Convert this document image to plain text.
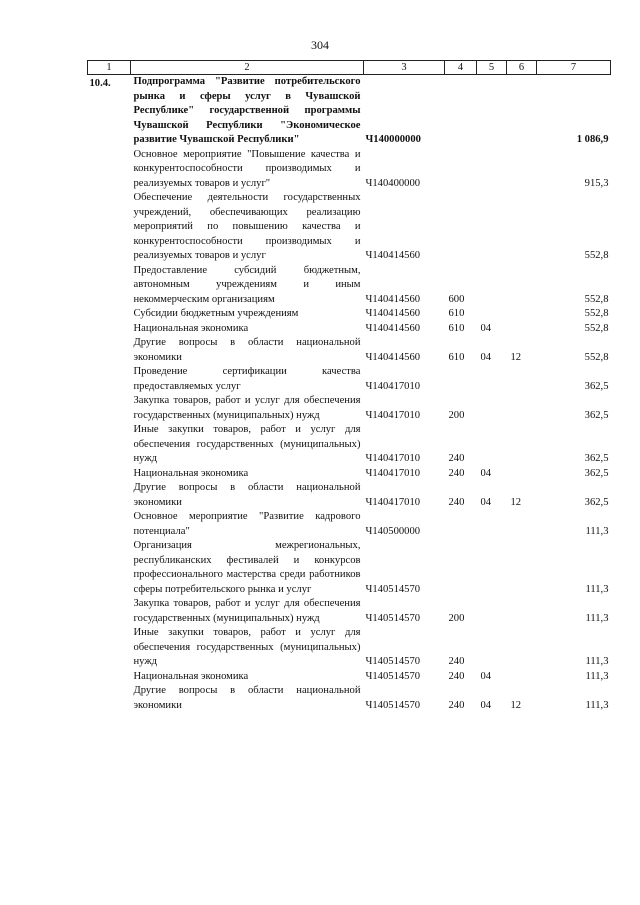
304
1	2	3	4	5	6	7
10.4.	Подпрограмма "Развитие потребительского рынка и сферы услуг в Чувашской Республике" государственной программы Чувашской Республики "Экономическое развитие Чувашской Республики"	Ч140000000				1 086,9
	Основное мероприятие "Повышение качества и конкурентоспособности производимых и реализуемых товаров и услуг"	Ч140400000				915,3
	Обеспечение деятельности государственных учреждений, обеспечивающих реализацию мероприятий по повышению качества и конкурентоспособности производимых и реализуемых товаров и услуг	Ч140414560				552,8
	Предоставление субсидий бюджетным, автономным учреждениям и иным некоммерческим организациям	Ч140414560	600			552,8
	Субсидии бюджетным учреждениям	Ч140414560	610			552,8
	Национальная экономика	Ч140414560	610	04		552,8
	Другие вопросы в области национальной экономики	Ч140414560	610	04	12	552,8
	Проведение сертификации качества предоставляемых услуг	Ч140417010				362,5
	Закупка товаров, работ и услуг для обеспечения государственных (муниципальных) нужд	Ч140417010	200			362,5
	Иные закупки товаров, работ и услуг для обеспечения государственных (муниципальных) нужд	Ч140417010	240			362,5
	Национальная экономика	Ч140417010	240	04		362,5
	Другие вопросы в области национальной экономики	Ч140417010	240	04	12	362,5
	Основное мероприятие "Развитие кадрового потенциала"	Ч140500000				111,3
	Организация межрегиональных, республиканских фестивалей и конкурсов профессионального мастерства среди работников сферы потребительского рынка и услуг	Ч140514570				111,3
	Закупка товаров, работ и услуг для обеспечения государственных (муниципальных) нужд	Ч140514570	200			111,3
	Иные закупки товаров, работ и услуг для обеспечения государственных (муниципальных) нужд	Ч140514570	240			111,3
	Национальная экономика	Ч140514570	240	04		111,3
	Другие вопросы в области национальной экономики	Ч140514570	240	04	12	111,3
